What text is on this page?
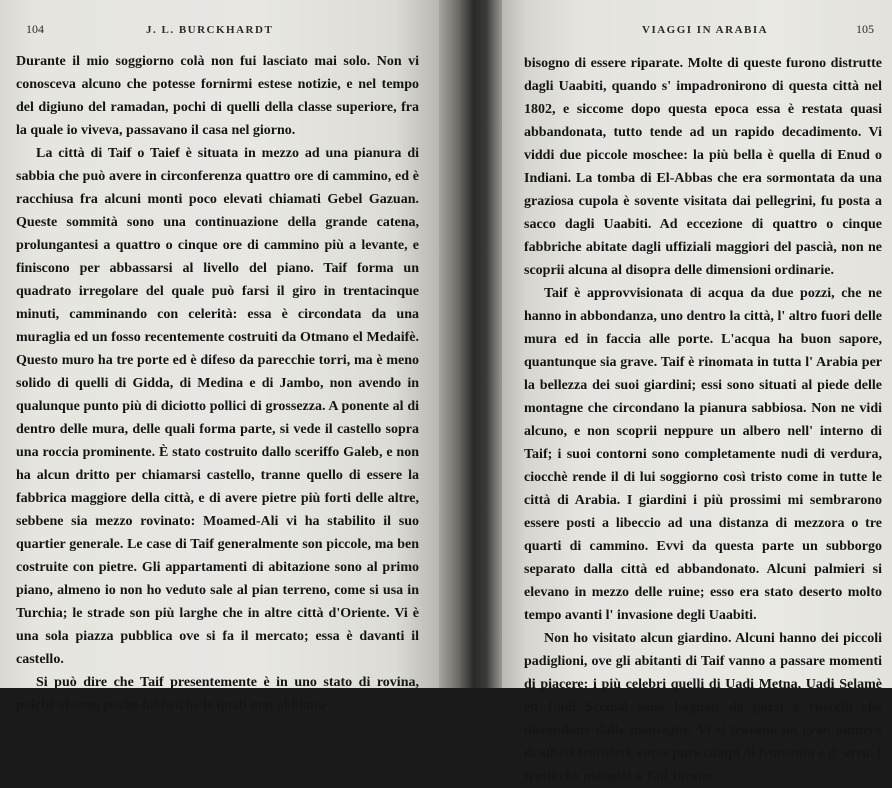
104	J. L. BURCKHARDT

Durante il mio soggiorno colà non fui lasciato mai solo. Non vi conosceva alcuno che potesse fornirmi estese notizie, e nel tempo del digiuno del ramadan, pochi di quelli della classe superiore, fra la quale io viveva, passavano il casa nel giorno.

La città di Taif o Taief è situata in mezzo ad una pianura di sabbia che può avere in circonferenza quattro ore di cammino, ed è racchiusa fra alcuni monti poco elevati chiamati Gebel Gazuan. Queste sommità sono una continuazione della grande catena, prolungantesi a quattro o cinque ore di cammino più a levante, e finiscono per abbassarsi al livello del piano. Taif forma un quadrato irregolare del quale può farsi il giro in trentacinque minuti, camminando con celerità: essa è circondata da una muraglia ed un fosso recentemente costruiti da Otmano el Medaifè. Questo muro ha tre porte ed è difeso da parecchie torri, ma è meno solido di quelli di Gidda, di Medina e di Jambo, non avendo in qualunque punto più di diciotto pollici di grossezza. A ponente al di dentro delle mura, delle quali forma parte, si vede il castello sopra una roccia prominente. È stato costruito dallo sceriffo Galeb, e non ha alcun dritto per chiamarsi castello, tranne quello di essere la fabbrica maggiore della città, e di avere pietre più forti delle altre, sebbene sia mezzo rovinato: Moamed-Ali vi ha stabilito il suo quartier generale. Le case di Taif generalmente son piccole, ma ben costruite con pietre. Gli appartamenti di abitazione sono al primo piano, almeno io non ho veduto sale al pian terreno, come si usa in Turchia; le strade son più larghe che in altre città d'Oriente. Vi è una sola piazza pubblica ove si fa il mercato; essa è davanti il castello.

Si può dire che Taif presentemente è in uno stato di rovina, poichè vi sono poche fabbriche le quali non abbiano

VIAGGI IN ARABIA	105

bisogno di essere riparate. Molte di queste furono distrutte dagli Uaabiti, quando s' impadronirono di questa città nel 1802, e siccome dopo questa epoca essa è restata quasi abbandonata, tutto tende ad un rapido decadimento. Vi viddi due piccole moschee: la più bella è quella di Enud o Indiani. La tomba di El-Abbas che era sormontata da una graziosa cupola è sovente visitata dai pellegrini, fu posta a sacco dagli Uaabiti. Ad eccezione di quattro o cinque fabbriche abitate dagli uffiziali maggiori del pascià, non ne scoprii alcuna al disopra delle dimensioni ordinarie.

Taif è approvvisionata di acqua da due pozzi, che ne hanno in abbondanza, uno dentro la città, l' altro fuori delle mura ed in faccia alle porte. L'acqua ha buon sapore, quantunque sia grave. Taif è rinomata in tutta l' Arabia per la bellezza dei suoi giardini; essi sono situati al piede delle montagne che circondano la pianura sabbiosa. Non ne vidi alcuno, e non scoprii neppure un albero nell' interno di Taif; i suoi contorni sono completamente nudi di verdura, ciocchè rende il di lui soggiorno così tristo come in tutte le città di Arabia. I giardini i più prossimi mi sembrarono essere posti a libeccio ad una distanza di mezzora o tre quarti di cammino. Evvi da questa parte un subborgo separato dalla città ed abbandonato. Alcuni palmieri si elevano in mezzo delle ruine; esso era stato deserto molto tempo avanti l' invasione degli Uaabiti.

Non ho visitato alcun giardino. Alcuni hanno dei piccoli padiglioni, ove gli abitanti di Taif vanno a passare momenti di piacere: i più celebri quelli di Uadi Metna, Uadi Selamè ed Uadi Scemal sono bagnati da pozzi e ruscelli che discendono dalle montagne. Vi si trovano un gran numero di alberi fruttiferi, come pure campi di frumento e d' orzo. I frutti che mangiai a Taif furono
